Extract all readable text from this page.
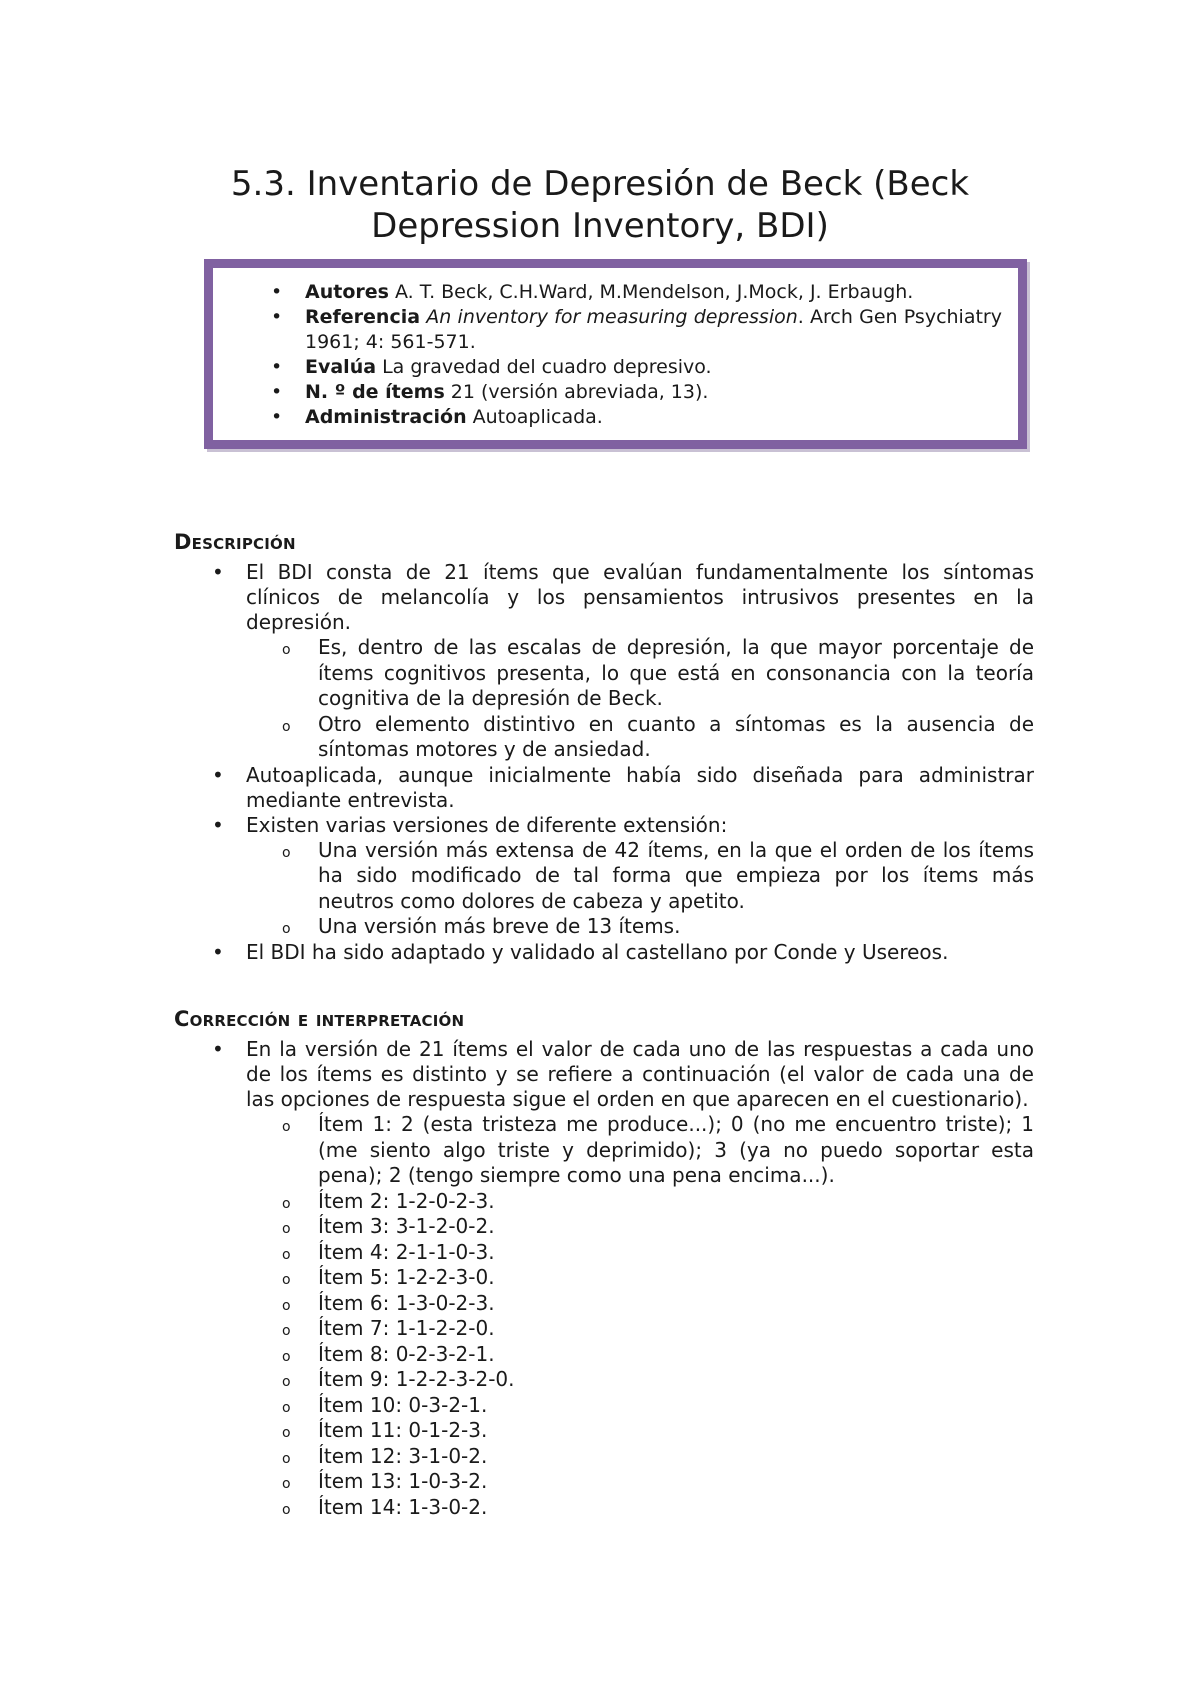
5.3. Inventario de Depresión de Beck (Beck Depression Inventory, BDI)
• Autores A. T. Beck, C.H.Ward, M.Mendelson, J.Mock, J. Erbaugh.
• Referencia An inventory for measuring depression. Arch Gen Psychiatry 1961; 4: 561-571.
• Evalúa La gravedad del cuadro depresivo.
• N. º de ítems 21 (versión abreviada, 13).
• Administración Autoaplicada.
Descripción
• El BDI consta de 21 ítems que evalúan fundamentalmente los síntomas clínicos de melancolía y los pensamientos intrusivos presentes en la depresión.
o Es, dentro de las escalas de depresión, la que mayor porcentaje de ítems cognitivos presenta, lo que está en consonancia con la teoría cognitiva de la depresión de Beck.
o Otro elemento distintivo en cuanto a síntomas es la ausencia de síntomas motores y de ansiedad.
• Autoaplicada, aunque inicialmente había sido diseñada para administrar mediante entrevista.
• Existen varias versiones de diferente extensión:
o Una versión más extensa de 42 ítems, en la que el orden de los ítems ha sido modificado de tal forma que empieza por los ítems más neutros como dolores de cabeza y apetito.
o Una versión más breve de 13 ítems.
• El BDI ha sido adaptado y validado al castellano por Conde y Usereos.
Corrección e interpretación
• En la versión de 21 ítems el valor de cada uno de las respuestas a cada uno de los ítems es distinto y se refiere a continuación (el valor de cada una de las opciones de respuesta sigue el orden en que aparecen en el cuestionario).
o Ítem 1: 2 (esta tristeza me produce...); 0 (no me encuentro triste); 1 (me siento algo triste y deprimido); 3 (ya no puedo soportar esta pena); 2 (tengo siempre como una pena encima...).
o Ítem 2: 1-2-0-2-3.
o Ítem 3: 3-1-2-0-2.
o Ítem 4: 2-1-1-0-3.
o Ítem 5: 1-2-2-3-0.
o Ítem 6: 1-3-0-2-3.
o Ítem 7: 1-1-2-2-0.
o Ítem 8: 0-2-3-2-1.
o Ítem 9: 1-2-2-3-2-0.
o Ítem 10: 0-3-2-1.
o Ítem 11: 0-1-2-3.
o Ítem 12: 3-1-0-2.
o Ítem 13: 1-0-3-2.
o Ítem 14: 1-3-0-2.
